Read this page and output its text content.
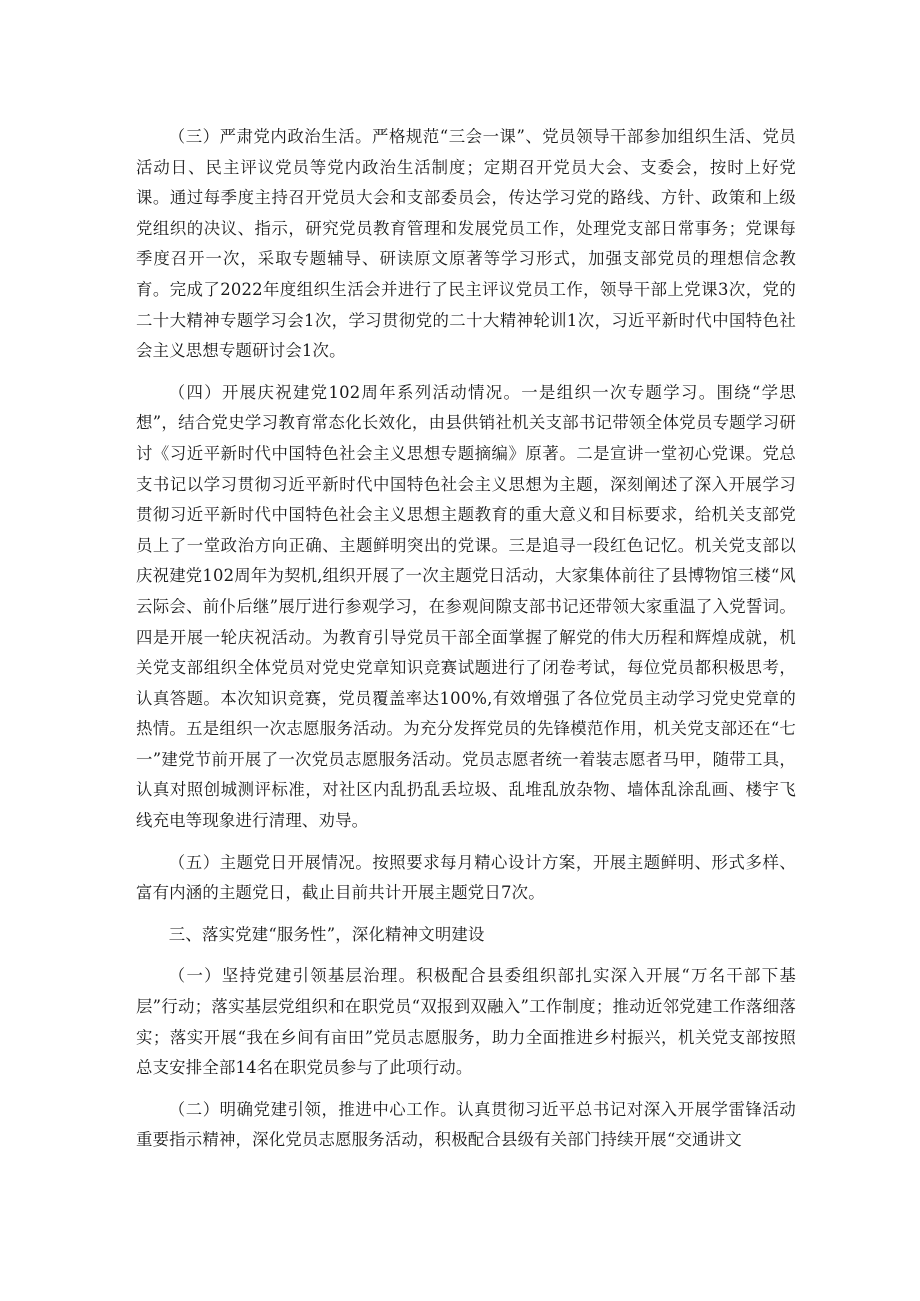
（三）严肃党内政治生活。严格规范“三会一课”、党员领导干部参加组织生活、党员活动日、民主评议党员等党内政治生活制度；定期召开党员大会、支委会，按时上好党课。通过每季度主持召开党员大会和支部委员会，传达学习党的路线、方针、政策和上级党组织的决议、指示，研究党员教育管理和发展党员工作，处理党支部日常事务；党课每季度召开一次，采取专题辅导、研读原文原著等学习形式，加强支部党员的理想信念教育。完成了2022年度组织生活会并进行了民主评议党员工作，领导干部上党课3次，党的二十大精神专题学习会1次，学习贯彻党的二十大精神轮训1次，习近平新时代中国特色社会主义思想专题研讨会1次。

（四）开展庆祝建党102周年系列活动情况。一是组织一次专题学习。围绕“学思想”，结合党史学习教育常态化长效化，由县供销社机关支部书记带领全体党员专题学习研讨《习近平新时代中国特色社会主义思想专题摘编》原著。二是宣讲一堂初心党课。党总支书记以学习贯彻习近平新时代中国特色社会主义思想为主题，深刻阐述了深入开展学习贯彻习近平新时代中国特色社会主义思想主题教育的重大意义和目标要求，给机关支部党员上了一堂政治方向正确、主题鲜明突出的党课。三是追寻一段红色记忆。机关党支部以庆祝建党102周年为契机,组织开展了一次主题党日活动，大家集体前往了县博物馆三楼“风云际会、前仆后继”展厅进行参观学习，在参观间隙支部书记还带领大家重温了入党誓词。四是开展一轮庆祝活动。为教育引导党员干部全面掌握了解党的伟大历程和辉煌成就，机关党支部组织全体党员对党史党章知识竞赛试题进行了闭卷考试，每位党员都积极思考，认真答题。本次知识竞赛，党员覆盖率达100%,有效增强了各位党员主动学习党史党章的热情。五是组织一次志愿服务活动。为充分发挥党员的先锋模范作用，机关党支部还在“七一”建党节前开展了一次党员志愿服务活动。党员志愿者统一着装志愿者马甲，随带工具，认真对照创城测评标准，对社区内乱扔乱丢垃圾、乱堆乱放杂物、墙体乱涂乱画、楼宇飞线充电等现象进行清理、劝导。

（五）主题党日开展情况。按照要求每月精心设计方案，开展主题鲜明、形式多样、富有内涵的主题党日，截止目前共计开展主题党日7次。

三、落实党建“服务性”，深化精神文明建设

（一）坚持党建引领基层治理。积极配合县委组织部扎实深入开展“万名干部下基层”行动；落实基层党组织和在职党员“双报到双融入”工作制度；推动近邻党建工作落细落实；落实开展“我在乡间有亩田”党员志愿服务，助力全面推进乡村振兴，机关党支部按照总支安排全部14名在职党员参与了此项行动。

（二）明确党建引领，推进中心工作。认真贯彻习近平总书记对深入开展学雷锋活动重要指示精神，深化党员志愿服务活动，积极配合县级有关部门持续开展“交通讲文
